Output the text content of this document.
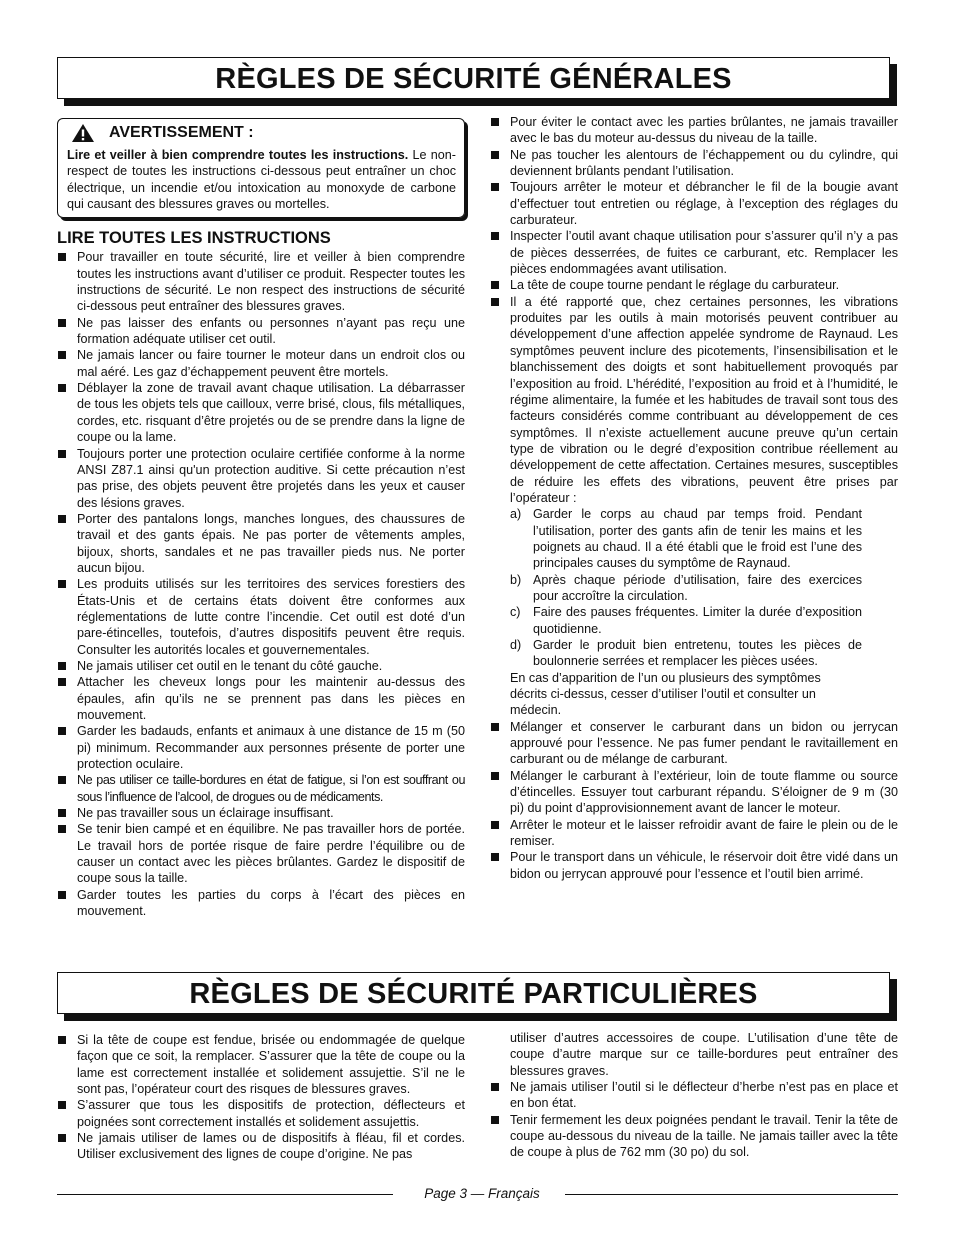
RÈGLES DE SÉCURITÉ GÉNÉRALES
AVERTISSEMENT :
Lire et veiller à bien comprendre toutes les instructions. Le non-respect de toutes les instructions ci-dessous peut entraîner un choc électrique, un incendie et/ou intoxication au monoxyde de carbone qui causant des blessures graves ou mortelles.
LIRE TOUTES LES INSTRUCTIONS
Pour travailler en toute sécurité, lire et veiller à bien comprendre toutes les instructions avant d’utiliser ce produit. Respecter toutes les instructions de sécurité. Le non respect des instructions de sécurité ci-dessous peut entraîner des blessures graves.
Ne pas laisser des enfants ou personnes n’ayant pas reçu une formation adéquate utiliser cet outil.
Ne jamais lancer ou faire tourner le moteur dans un endroit clos ou mal aéré. Les gaz d’échappement peuvent être mortels.
Déblayer la zone de travail avant chaque utilisation. La débarrasser de tous les objets tels que cailloux, verre brisé, clous, fils métalliques, cordes, etc. risquant d’être projetés ou de se prendre dans la ligne de coupe ou la lame.
Toujours porter une protection oculaire certifiée conforme à la norme ANSI Z87.1 ainsi qu'un protection auditive. Si cette précaution n’est pas prise, des objets peuvent être projetés dans les yeux et causer des lésions graves.
Porter des pantalons longs, manches longues, des chaussures de travail et des gants épais. Ne pas porter de vêtements amples, bijoux, shorts, sandales et ne pas travailler pieds nus. Ne porter aucun bijou.
Les produits utilisés sur les territoires des services forestiers des États-Unis et de certains états doivent être conformes aux réglementations de lutte contre l’incendie. Cet outil est doté d’un pare-étincelles, toutefois, d’autres dispositifs peuvent être requis. Consulter les autorités locales et gouvernementales.
Ne jamais utiliser cet outil en le tenant du côté gauche.
Attacher les cheveux longs pour les maintenir au-dessus des épaules, afin qu’ils ne se prennent pas dans les pièces en mouvement.
Garder les badauds, enfants et animaux à une distance de 15 m (50 pi) minimum. Recommander aux personnes présente de porter une protection oculaire.
Ne pas utiliser ce taille-bordures en état de fatigue, si l’on est souffrant ou sous l’influence de l’alcool, de drogues ou de médicaments.
Ne pas travailler sous un éclairage insuffisant.
Se tenir bien campé et en équilibre. Ne pas travailler hors de portée. Le travail hors de portée risque de faire perdre l’équilibre ou de causer un contact avec les pièces brûlantes. Gardez le dispositif de coupe sous la taille.
Garder toutes les parties du corps à l’écart des pièces en mouvement.
Pour éviter le contact avec les parties brûlantes, ne jamais travailler avec le bas du moteur au-dessus du niveau de la taille.
Ne pas toucher les alentours de l’échappement ou du cylindre, qui deviennent brûlants pendant l’utilisation.
Toujours arrêter le moteur et débrancher le fil de la bougie avant d’effectuer tout entretien ou réglage, à l’exception des réglages du carburateur.
Inspecter l’outil avant chaque utilisation pour s’assurer qu’il n’y a pas de pièces desserrées, de fuites ce carburant, etc. Remplacer les pièces endommagées avant utilisation.
La tête de coupe tourne pendant le réglage du carburateur.
Il a été rapporté que, chez certaines personnes, les vibrations produites par les outils à main motorisés peuvent contribuer au développement d’une affection appelée syndrome de Raynaud. Les symptômes peuvent inclure des picotements, l’insensibilisation et le blanchissement des doigts et sont habituellement provoqués par l’exposition au froid. L’hérédité, l’exposition au froid et à l’humidité, le régime alimentaire, la fumée et les habitudes de travail sont tous des facteurs considérés comme contribuant au développement de ces symptômes. Il n’existe actuellement aucune preuve qu’un certain type de vibration ou le degré d’exposition contribue réellement au développement de cette affectation. Certaines mesures, susceptibles de réduire les effets des vibrations, peuvent être prises par l’opérateur :
a) Garder le corps au chaud par temps froid. Pendant l’utilisation, porter des gants afin de tenir les mains et les poignets au chaud. Il a été établi que le froid est l’une des principales causes du symptôme de Raynaud.
b) Après chaque période d’utilisation, faire des exercices pour accroître la circulation.
c) Faire des pauses fréquentes. Limiter la durée d’exposition quotidienne.
d) Garder le produit bien entretenu, toutes les pièces de boulonnerie serrées et remplacer les pièces usées.
En cas d’apparition de l’un ou plusieurs des symptômes décrits ci-dessus, cesser d’utiliser l’outil et consulter un médecin.
Mélanger et conserver le carburant dans un bidon ou jerrycan approuvé pour l’essence. Ne pas fumer pendant le ravitaillement en carburant ou de mélange de carburant.
Mélanger le carburant à l’extérieur, loin de toute flamme ou source d’étincelles. Essuyer tout carburant répandu. S’éloigner de 9 m (30 pi) du point d’approvisionnement avant de lancer le moteur.
Arrêter le moteur et le laisser refroidir avant de faire le plein ou de le remiser.
Pour le transport dans un véhicule, le réservoir doit être vidé dans un bidon ou jerrycan approuvé pour l’essence et l’outil bien arrimé.
RÈGLES DE SÉCURITÉ PARTICULIÈRES
Si la tête de coupe est fendue, brisée ou endommagée de quelque façon que ce soit, la remplacer. S’assurer que la tête de coupe ou la lame est correctement installée et solidement assujettie. S’il ne le sont pas, l’opérateur court des risques de blessures graves.
S’assurer que tous les dispositifs de protection, déflecteurs et poignées sont correctement installés et solidement assujettis.
Ne jamais utiliser de lames ou de dispositifs à fléau, fil et cordes. Utiliser exclusivement des lignes de coupe d’origine. Ne pas
utiliser d’autres accessoires de coupe. L’utilisation d’une tête de coupe d’autre marque sur ce taille-bordures peut entraîner des blessures graves.
Ne jamais utiliser l’outil si le déflecteur d’herbe n’est pas en place et en bon état.
Tenir fermement les deux poignées pendant le travail. Tenir la tête de coupe au-dessous du niveau de la taille. Ne jamais tailler avec la tête de coupe à plus de 762 mm (30 po) du sol.
Page 3 — Français
